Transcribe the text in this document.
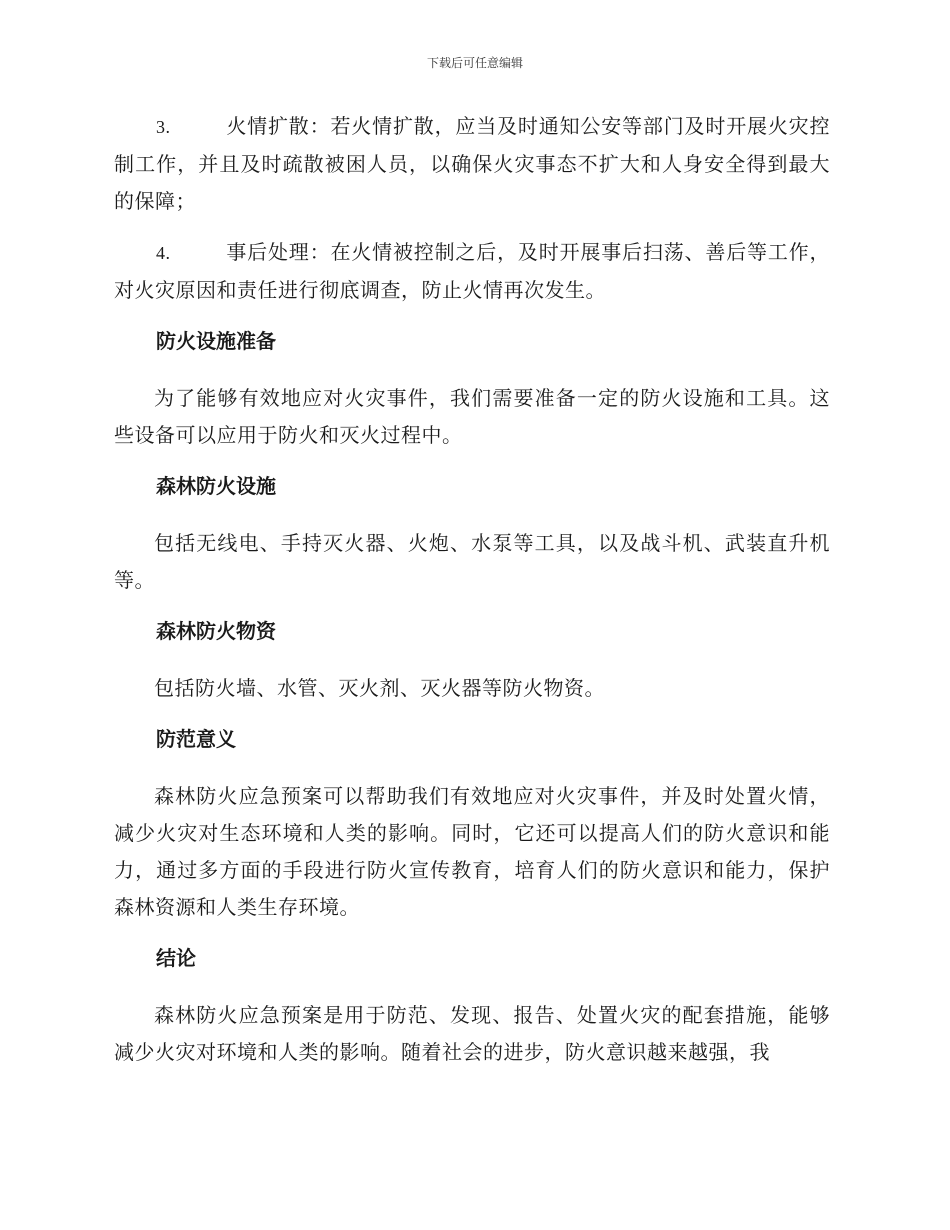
下载后可任意编辑

3.	火情扩散：若火情扩散，应当及时通知公安等部门及时开展火灾控制工作，并且及时疏散被困人员，以确保火灾事态不扩大和人身安全得到最大的保障；

4.	事后处理：在火情被控制之后，及时开展事后扫荡、善后等工作，对火灾原因和责任进行彻底调查，防止火情再次发生。

防火设施准备

为了能够有效地应对火灾事件，我们需要准备一定的防火设施和工具。这些设备可以应用于防火和灭火过程中。

森林防火设施

包括无线电、手持灭火器、火炮、水泵等工具，以及战斗机、武装直升机等。

森林防火物资

包括防火墙、水管、灭火剂、灭火器等防火物资。

防范意义

森林防火应急预案可以帮助我们有效地应对火灾事件，并及时处置火情，减少火灾对生态环境和人类的影响。同时，它还可以提高人们的防火意识和能力，通过多方面的手段进行防火宣传教育，培育人们的防火意识和能力，保护森林资源和人类生存环境。

结论

森林防火应急预案是用于防范、发现、报告、处置火灾的配套措施，能够减少火灾对环境和人类的影响。随着社会的进步，防火意识越来越强，我
